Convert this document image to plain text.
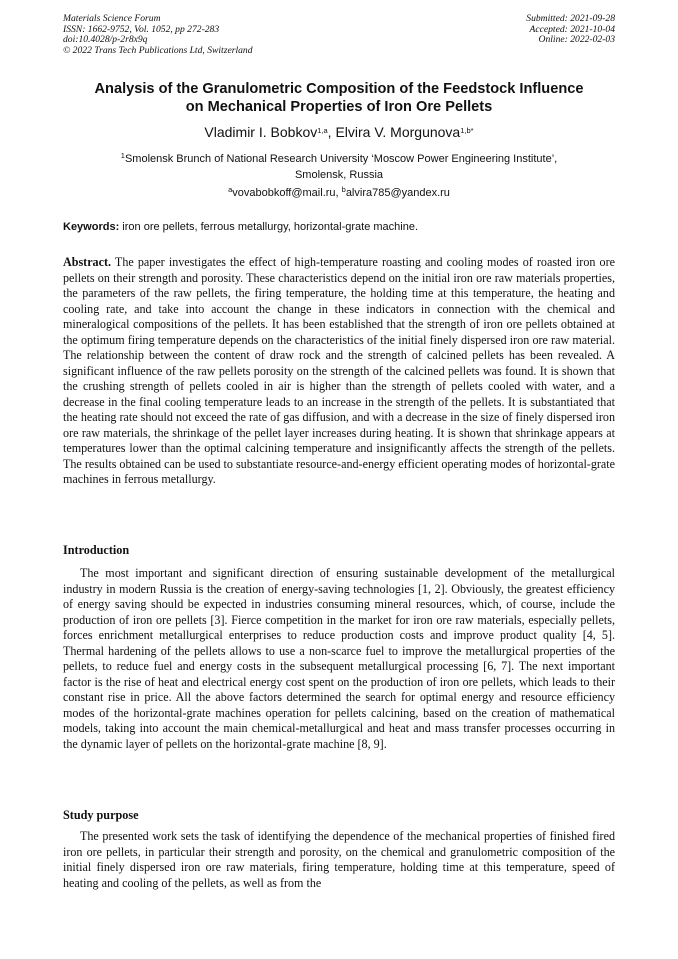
Materials Science Forum
ISSN: 1662-9752, Vol. 1052, pp 272-283
doi:10.4028/p-2r8x9q
© 2022 Trans Tech Publications Ltd, Switzerland
Submitted: 2021-09-28
Accepted: 2021-10-04
Online: 2022-02-03
Analysis of the Granulometric Composition of the Feedstock Influence
on Mechanical Properties of Iron Ore Pellets
Vladimir I. Bobkov$^{1,a}$, Elvira V. Morgunova$^{1,b*}$
$^1$Smolensk Brunch of National Research University ‘Moscow Power Engineering Institute’,
Smolensk, Russia
$^a$vovabobkoff@mail.ru, $^b$alvira785@yandex.ru
Keywords: iron ore pellets, ferrous metallurgy, horizontal-grate machine.
Abstract. The paper investigates the effect of high-temperature roasting and cooling modes of roasted iron ore pellets on their strength and porosity. These characteristics depend on the initial iron ore raw materials properties, the parameters of the raw pellets, the firing temperature, the holding time at this temperature, the heating and cooling rate, and take into account the change in these indicators in connection with the chemical and mineralogical compositions of the pellets. It has been established that the strength of iron ore pellets obtained at the optimum firing temperature depends on the characteristics of the initial finely dispersed iron ore raw material. The relationship between the content of draw rock and the strength of calcined pellets has been revealed. A significant influence of the raw pellets porosity on the strength of the calcined pellets was found. It is shown that the crushing strength of pellets cooled in air is higher than the strength of pellets cooled with water, and a decrease in the final cooling temperature leads to an increase in the strength of the pellets. It is substantiated that the heating rate should not exceed the rate of gas diffusion, and with a decrease in the size of finely dispersed iron ore raw materials, the shrinkage of the pellet layer increases during heating. It is shown that shrinkage appears at temperatures lower than the optimal calcining temperature and insignificantly affects the strength of the pellets. The results obtained can be used to substantiate resource-and-energy efficient operating modes of horizontal-grate machines in ferrous metallurgy.
Introduction
The most important and significant direction of ensuring sustainable development of the metallurgical industry in modern Russia is the creation of energy-saving technologies [1, 2]. Obviously, the greatest efficiency of energy saving should be expected in industries consuming mineral resources, which, of course, include the production of iron ore pellets [3]. Fierce competition in the market for iron ore raw materials, especially pellets, forces enrichment metallurgical enterprises to reduce production costs and improve product quality [4, 5]. Thermal hardening of the pellets allows to use a non-scarce fuel to improve the metallurgical properties of the pellets, to reduce fuel and energy costs in the subsequent metallurgical processing [6, 7]. The next important factor is the rise of heat and electrical energy cost spent on the production of iron ore pellets, which leads to their constant rise in price. All the above factors determined the search for optimal energy and resource efficiency modes of the horizontal-grate machines operation for pellets calcining, based on the creation of mathematical models, taking into account the main chemical-metallurgical and heat and mass transfer processes occurring in the dynamic layer of pellets on the horizontal-grate machine [8, 9].
Study purpose
The presented work sets the task of identifying the dependence of the mechanical properties of finished fired iron ore pellets, in particular their strength and porosity, on the chemical and granulometric composition of the initial finely dispersed iron ore raw materials, firing temperature, holding time at this temperature, speed of heating and cooling of the pellets, as well as from the
